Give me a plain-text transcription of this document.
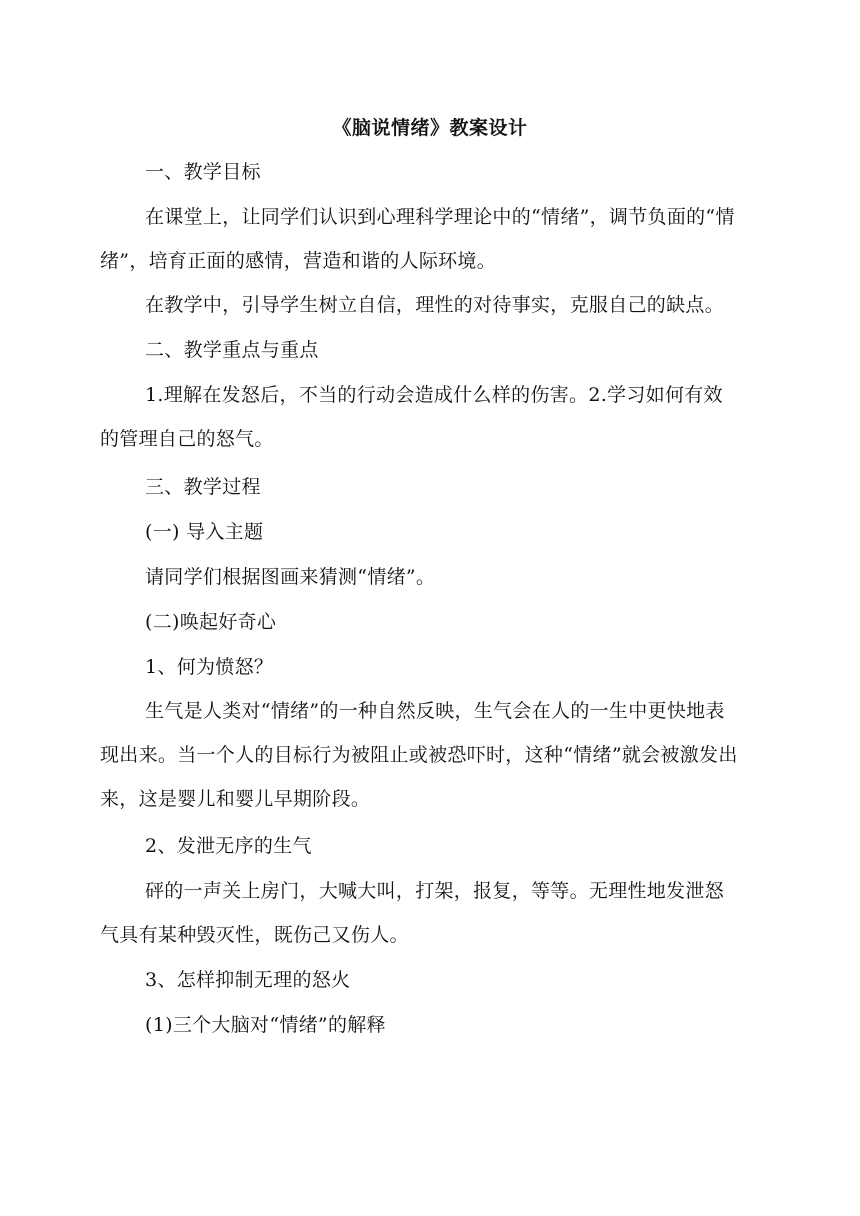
《脑说情绪》教案设计
一、教学目标
在课堂上，让同学们认识到心理科学理论中的“情绪”，调节负面的“情绪”，培育正面的感情，营造和谐的人际环境。
在教学中，引导学生树立自信，理性的对待事实，克服自己的缺点。
二、教学重点与重点
1.理解在发怒后，不当的行动会造成什么样的伤害。2.学习如何有效的管理自己的怒气。
三、教学过程
(一) 导入主题
请同学们根据图画来猜测“情绪”。
(二)唤起好奇心
1、何为愤怒？
生气是人类对“情绪”的一种自然反映，生气会在人的一生中更快地表现出来。当一个人的目标行为被阻止或被恐吓时，这种“情绪”就会被激发出来，这是婴儿和婴儿早期阶段。
2、发泄无序的生气
砰的一声关上房门，大喊大叫，打架，报复，等等。无理性地发泄怒气具有某种毁灭性，既伤己又伤人。
3、怎样抑制无理的怒火
(1)三个大脑对“情绪”的解释
